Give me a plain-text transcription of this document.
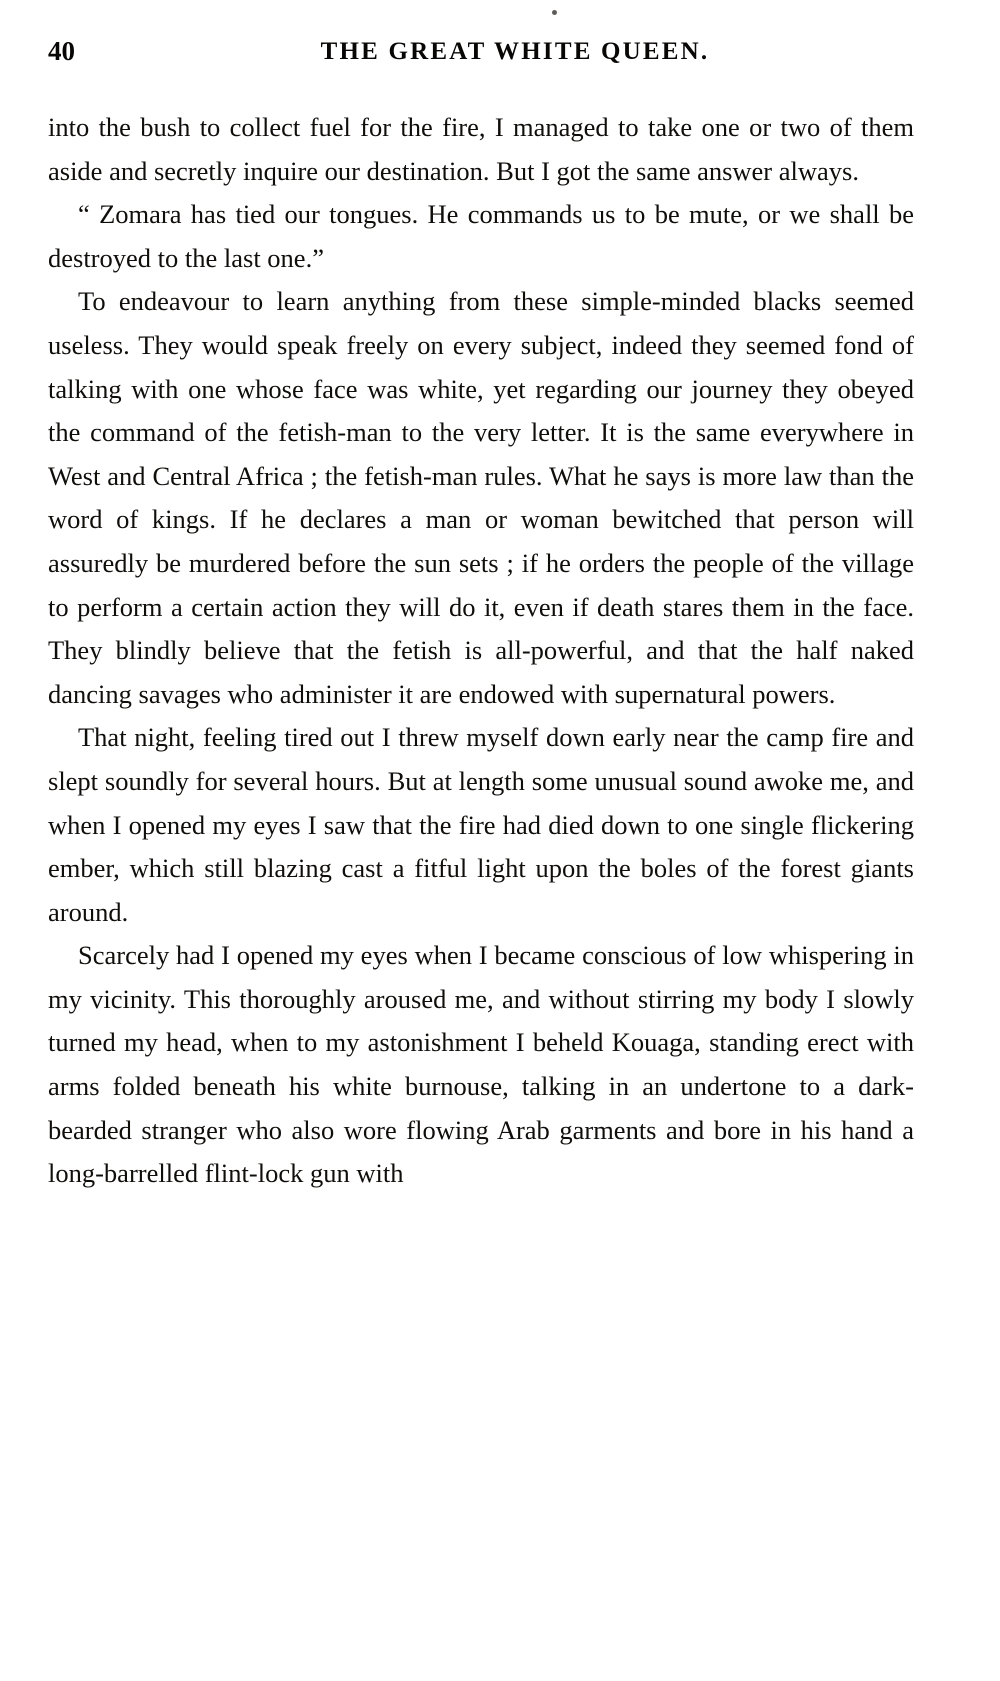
40	THE GREAT WHITE QUEEN.

into the bush to collect fuel for the fire, I managed to take one or two of them aside and secretly inquire our destination. But I got the same answer always.

“ Zomara has tied our tongues. He commands us to be mute, or we shall be destroyed to the last one.”

To endeavour to learn anything from these simple-minded blacks seemed useless. They would speak freely on every subject, indeed they seemed fond of talking with one whose face was white, yet regarding our journey they obeyed the command of the fetish-man to the very letter. It is the same everywhere in West and Central Africa ; the fetish-man rules. What he says is more law than the word of kings. If he declares a man or woman bewitched that person will assuredly be murdered before the sun sets ; if he orders the people of the village to perform a certain action they will do it, even if death stares them in the face. They blindly believe that the fetish is all-powerful, and that the half naked dancing savages who administer it are endowed with supernatural powers.

That night, feeling tired out I threw myself down early near the camp fire and slept soundly for several hours. But at length some unusual sound awoke me, and when I opened my eyes I saw that the fire had died down to one single flickering ember, which still blazing cast a fitful light upon the boles of the forest giants around.

Scarcely had I opened my eyes when I became conscious of low whispering in my vicinity. This thoroughly aroused me, and without stirring my body I slowly turned my head, when to my astonishment I beheld Kouaga, standing erect with arms folded beneath his white burnouse, talking in an undertone to a dark-bearded stranger who also wore flowing Arab garments and bore in his hand a long-barrelled flint-lock gun with
